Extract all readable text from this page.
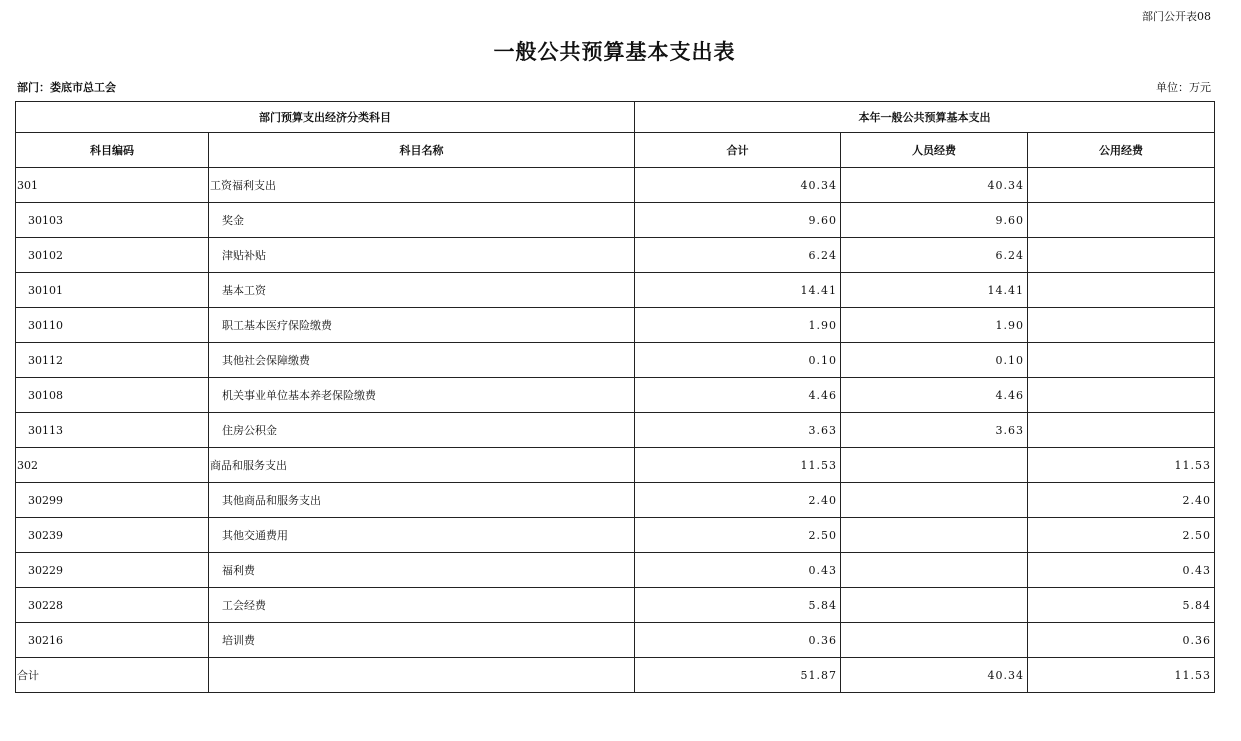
部门公开表08
一般公共预算基本支出表
部门：娄底市总工会	单位：万元
部门预算支出经济分类科目		本年一般公共预算基本支出		
科目编码	科目名称	合计	人员经费	公用经费
301	工资福利支出	40.34	40.34	
30103	奖金	9.60	9.60	
30102	津贴补贴	6.24	6.24	
30101	基本工资	14.41	14.41	
30110	职工基本医疗保险缴费	1.90	1.90	
30112	其他社会保障缴费	0.10	0.10	
30108	机关事业单位基本养老保险缴费	4.46	4.46	
30113	住房公积金	3.63	3.63	
302	商品和服务支出	11.53		11.53
30299	其他商品和服务支出	2.40		2.40
30239	其他交通费用	2.50		2.50
30229	福利费	0.43		0.43
30228	工会经费	5.84		5.84
30216	培训费	0.36		0.36
合计		51.87	40.34	11.53
